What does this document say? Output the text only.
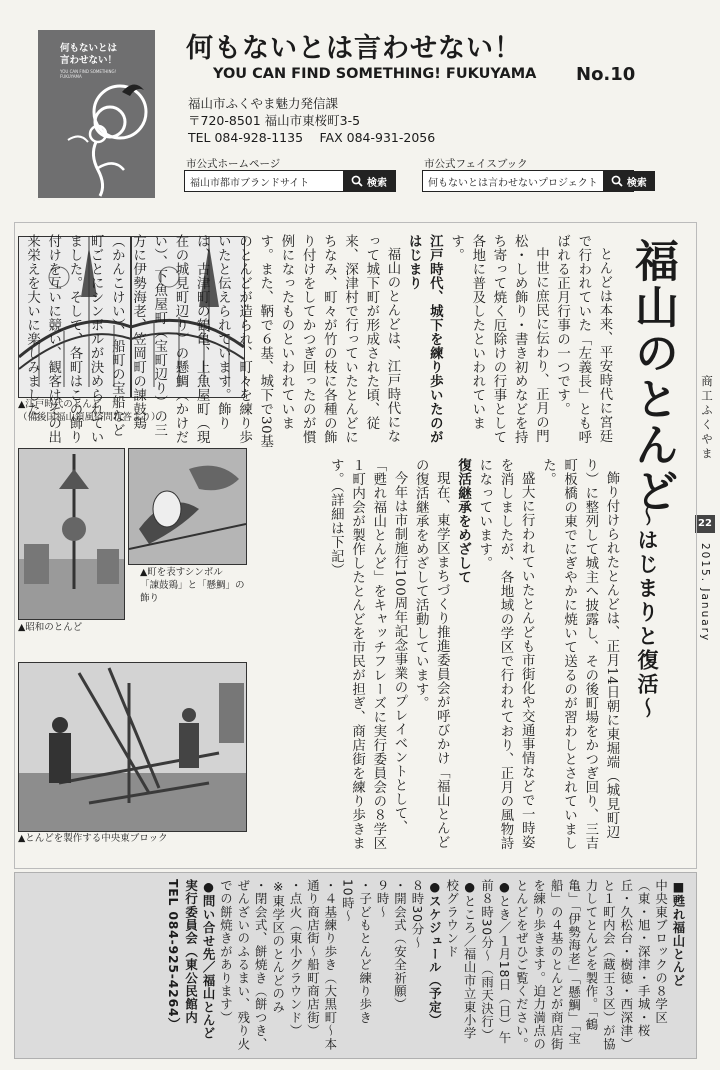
何もないとは
言わせない！
YOU CAN FIND SOMETHING!
FUKUYAMA
何もないとは言わせない！
YOU CAN FIND SOMETHING! FUKUYAMA No.10
福山市ふくやま魅力発信課
〒720-8501 福山市東桜町3-5
TEL 084-928-1135　 FAX 084-931-2056
市公式ホームページ
福山市都市ブランドサイト	検索
市公式フェイスブック
何もないとは言わせないプロジェクト	検索
商工ふくやま
22
2015. January
▲江戸時代のとんど
（備後国福山領風俗問状答より）
▲昭和のとんど
▲町を表すシンボル
「諌鼓鶏」と「懸鯛」の
飾り
▲とんどを製作する中央東ブロック
福山のとんど
～はじまりと復活～

とんどは本来、平安時代に宮廷で行われていた「左義長」とも呼ばれる正月行事の一つです。

中世に庶民に伝わり、正月の門松・しめ飾り・書き初めなどを持ち寄って焼く厄除けの行事として各地に普及したといわれています。

江戸時代、城下を練り歩いたのがはじまり

福山のとんどは、江戸時代になって城下町が形成された頃、従来、深津村で行っていたとんどにちなみ、町々が竹の枝に各種の飾り付けをしてかつぎ回ったのが慣例になったものといわれています。また、鞆で６基、城下で30基のとんどが造られ、町々を練り歩いたと伝えられています。飾りは、古津町の鶴亀、上魚屋町（現在の城見町辺り）の懸鯛（かけだい）、下魚屋町（宝町辺り）の三方に伊勢海老、笠岡町の諌鼓鶏（かんこけい）、船町の宝船など町ごとにシンボルが決められていました。そして、各町はこの飾り付けを互いに競い、観客はその出来栄えを大いに楽しみました。

飾り付けられたとんどは、正月14日朝に東堀端（城見町辺り）に整列して城主へ披露し、その後町場をかつぎ回り、三吉町板橋の東でにぎやかに焼いて送るのが習わしとされていました。

盛大に行われていたとんども市街化や交通事情などで一時姿を消しましたが、各地域の学区で行われており、正月の風物詩になっています。

復活継承をめざして

現在、東学区まちづくり推進委員会が呼びかけ「福山とんどの復活継承をめざして活動しています。

今年は市制施行100周年記念事業のプレイベントとして、「甦れ福山とんど」をキャッチフレーズに実行委員会の８学区１町内会が製作したとんどを市民が担ぎ、商店街を練り歩きます。（詳細は下記）

■甦れ福山とんど

中央東ブロックの８学区（東・旭・深津・手城・桜丘・久松台・樹徳・西深津）と１町内会（蔵王３区）が協力してとんどを製作。「鶴亀」「伊勢海老」「懸鯛」「宝船」の４基のとんどが商店街を練り歩きます。迫力満点のとんどをぜひご覧ください。

●とき／１月18日（日）午前８時30分～（雨天決行）

●ところ／福山市立東小学校グラウンド

●スケジュール（予定）

８時30分～

・開会式（安全祈願）

９時～

・子どもとんど練り歩き

10時～

・４基練り歩き（大黒町～本通り商店街～船町商店街）

・点火（東小グラウンド）

※東学区のとんどのみ

・閉会式、餅焼き（餅つき、ぜんざいのふるまい、残り火での餅焼きがあります）

●問い合せ先／福山とんど実行委員会（東公民館内TEL 084-925-4264）
